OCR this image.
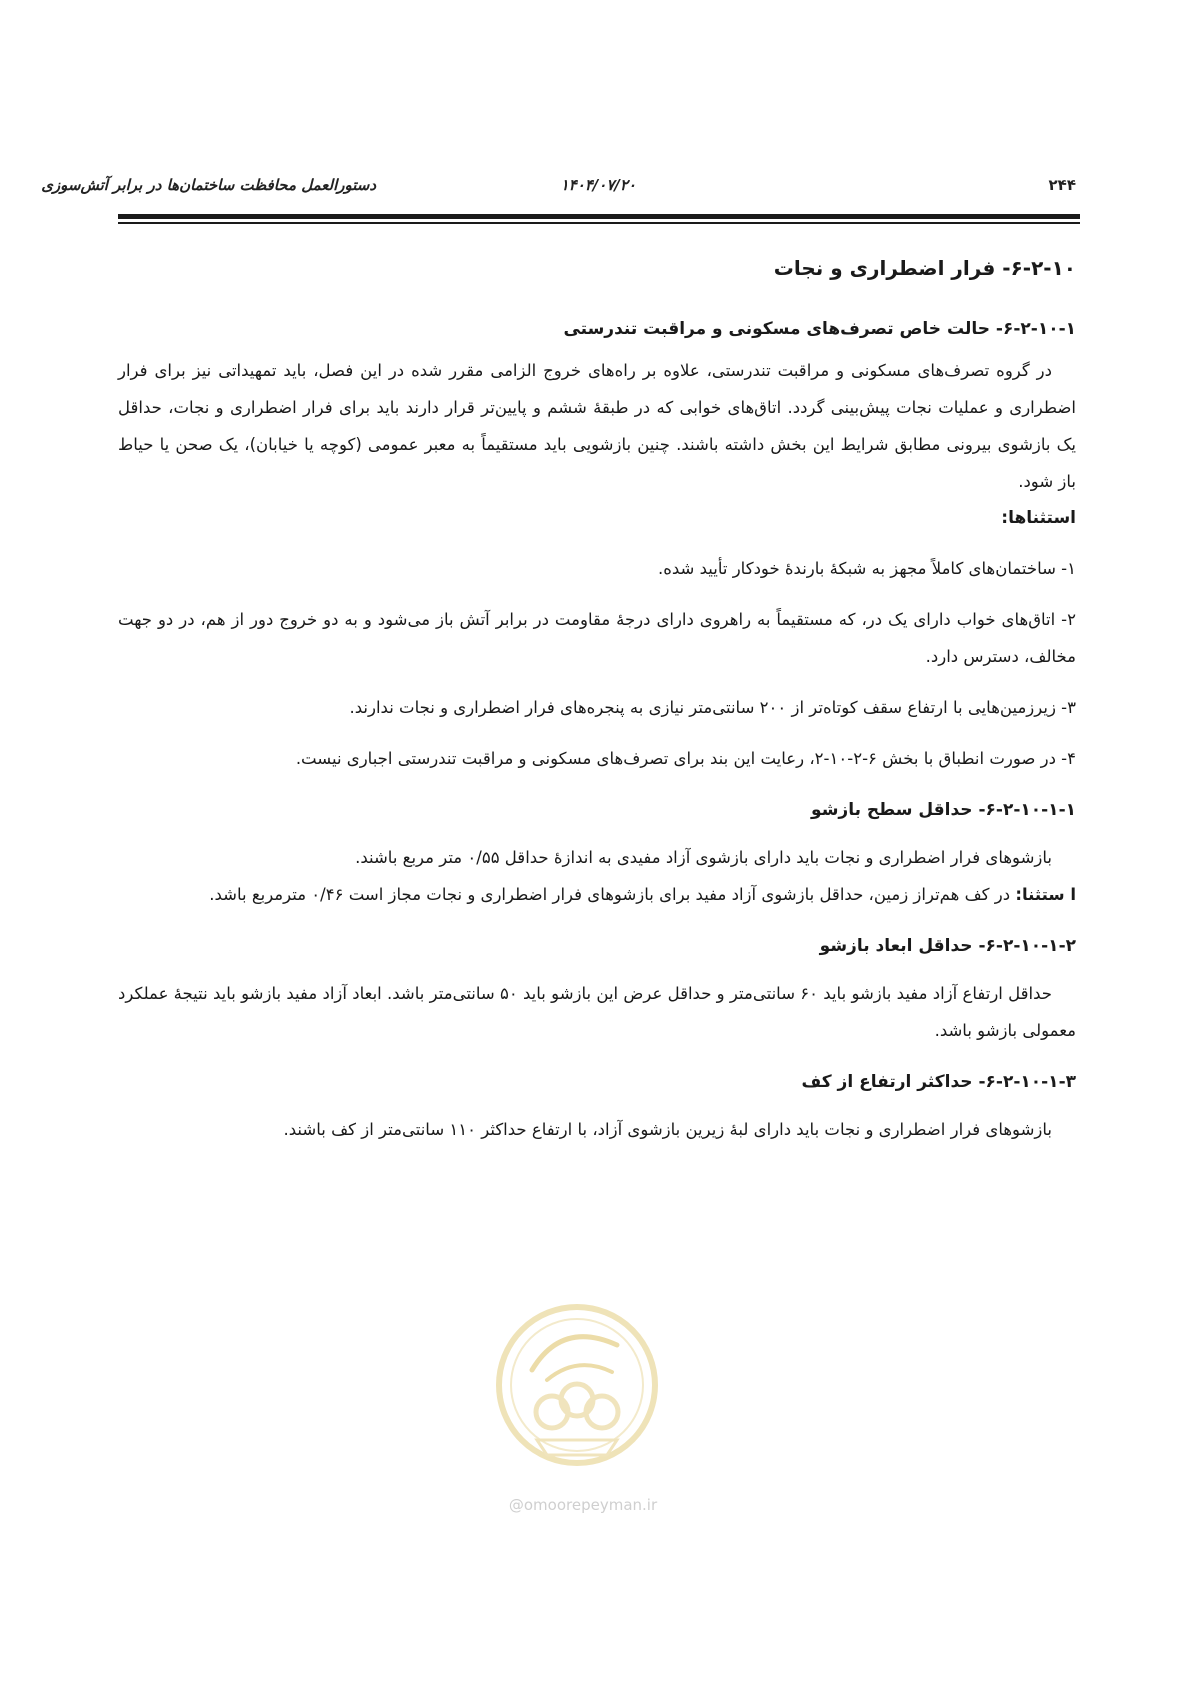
دستورالعمل محافظت ساختمان‌ها در برابر آتش‌سوزی	۱۴۰۴/۰۷/۲۰	۲۴۴
۶-۲-۱۰- فرار اضطراری و نجات
۶-۲-۱۰-۱- حالت خاص تصرف‌های مسکونی و مراقبت تندرستی

در گروه تصرف‌های مسکونی و مراقبت تندرستی، علاوه بر راه‌های خروج الزامی مقرر شده در این فصل، باید تمهیداتی نیز برای فرار اضطراری و عملیات نجات پیش‌بینی گردد. اتاق‌های خوابی که در طبقهٔ ششم و پایین‌تر قرار دارند باید برای فرار اضطراری و نجات، حداقل یک بازشوی بیرونی مطابق شرایط این بخش داشته باشند. چنین بازشویی باید مستقیماً به معبر عمومی (کوچه یا خیابان)، یک صحن یا حیاط باز شود.

استثناها:

۱- ساختمان‌های کاملاً مجهز به شبکهٔ بارندهٔ خودکار تأیید شده.

۲- اتاق‌های خواب دارای یک در، که مستقیماً به راهروی دارای درجهٔ مقاومت در برابر آتش باز می‌شود و به دو خروج دور از هم، در دو جهت مخالف، دسترس دارد.

۳- زیرزمین‌هایی با ارتفاع سقف کوتاه‌تر از ۲۰۰ سانتی‌متر نیازی به پنجره‌های فرار اضطراری و نجات ندارند.

۴- در صورت انطباق با بخش ۶-۲-۱۰-۲، رعایت این بند برای تصرف‌های مسکونی و مراقبت تندرستی اجباری نیست.

۶-۲-۱۰-۱-۱- حداقل سطح بازشو

بازشوهای فرار اضطراری و نجات باید دارای بازشوی آزاد مفیدی به اندازهٔ حداقل ۰/۵۵ متر مربع باشند.

ا ستثنا: در کف هم‌تراز زمین، حداقل بازشوی آزاد مفید برای بازشوهای فرار اضطراری و نجات مجاز است ۰/۴۶ مترمربع باشد.

۶-۲-۱۰-۱-۲- حداقل ابعاد بازشو

حداقل ارتفاع آزاد مفید بازشو باید ۶۰ سانتی‌متر و حداقل عرض این بازشو باید ۵۰ سانتی‌متر باشد. ابعاد آزاد مفید بازشو باید نتیجهٔ عملکرد معمولی بازشو باشد.

۶-۲-۱۰-۱-۳- حداکثر ارتفاع از کف

بازشوهای فرار اضطراری و نجات باید دارای لبهٔ زیرین بازشوی آزاد، با ارتفاع حداکثر ۱۱۰ سانتی‌متر از کف باشند.

@omoorepeyman.ir
